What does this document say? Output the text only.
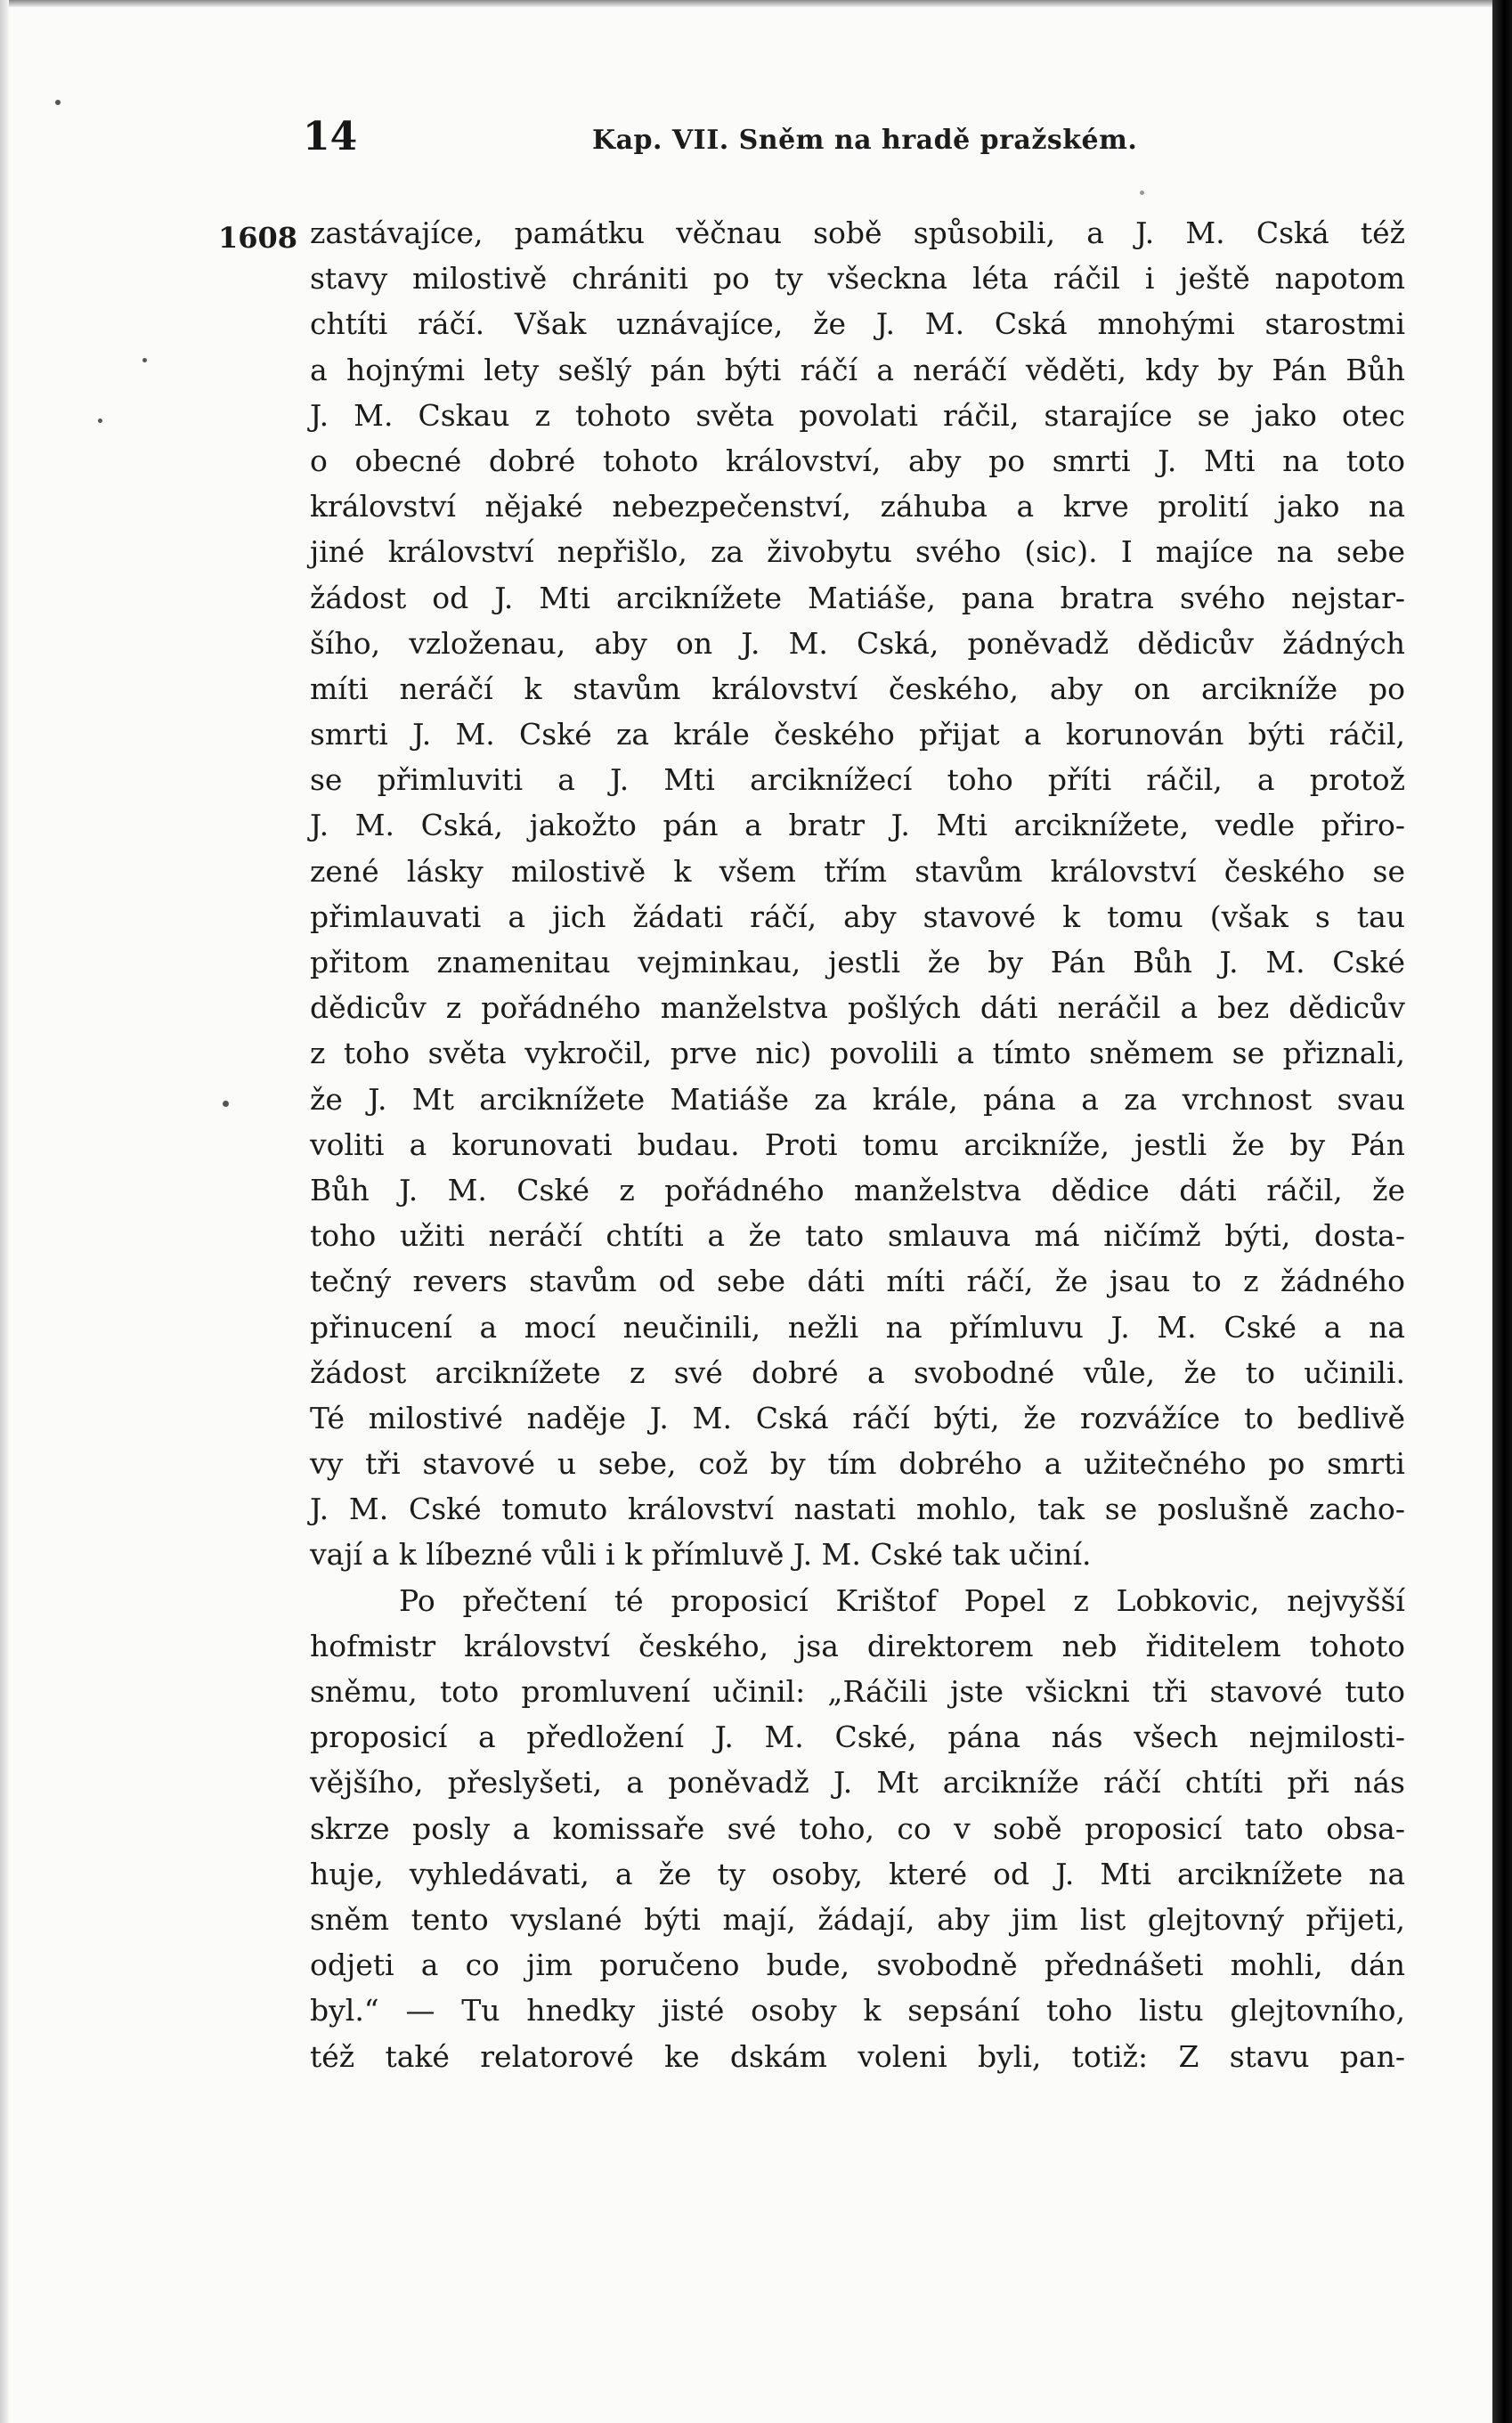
14	Kap. VII. Sněm na hradě pražském.
1608 zastávajíce, památku věčnau sobě spůsobili, a J. M. Cská též
stavy milostivě chrániti po ty všeckna léta ráčil i ještě napotom
chtíti ráčí. Však uznávajíce, že J. M. Cská mnohými starostmi
a hojnými lety sešlý pán býti ráčí a neráčí věděti, kdy by Pán Bůh
J. M. Cskau z tohoto světa povolati ráčil, starajíce se jako otec
o obecné dobré tohoto království, aby po smrti J. Mti na toto
království nějaké nebezpečenství, záhuba a krve prolití jako na
jiné království nepřišlo, za živobytu svého (sic). I majíce na sebe
žádost od J. Mti arciknížete Matiáše, pana bratra svého nejstar-
šího, vzloženau, aby on J. M. Cská, poněvadž dědicův žádných
míti neráčí k stavům království českého, aby on arcikníže po
smrti J. M. Cské za krále českého přijat a korunován býti ráčil,
se přimluviti a J. Mti arciknížecí toho příti ráčil, a protož
J. M. Cská, jakožto pán a bratr J. Mti arciknížete, vedle přiro-
zené lásky milostivě k všem třím stavům království českého se
přimlauvati a jich žádati ráčí, aby stavové k tomu (však s tau
přitom znamenitau vejminkau, jestli že by Pán Bůh J. M. Cské
dědicův z pořádného manželstva pošlých dáti neráčil a bez dědicův
z toho světa vykročil, prve nic) povolili a tímto sněmem se přiznali,
že J. Mt arciknížete Matiáše za krále, pána a za vrchnost svau
voliti a korunovati budau. Proti tomu arcikníže, jestli že by Pán
Bůh J. M. Cské z pořádného manželstva dědice dáti ráčil, že
toho užiti neráčí chtíti a že tato smlauva má ničímž býti, dosta-
tečný revers stavům od sebe dáti míti ráčí, že jsau to z žádného
přinucení a mocí neučinili, nežli na přímluvu J. M. Cské a na
žádost arciknížete z své dobré a svobodné vůle, že to učinili.
Té milostivé naděje J. M. Cská ráčí býti, že rozvážíce to bedlivě
vy tři stavové u sebe, což by tím dobrého a užitečného po smrti
J. M. Cské tomuto království nastati mohlo, tak se poslušně zacho-
vají a k líbezné vůli i k přímluvě J. M. Cské tak učiní.
Po přečtení té proposicí Krištof Popel z Lobkovic, nejvyšší
hofmistr království českého, jsa direktorem neb řiditelem tohoto
sněmu, toto promluvení učinil: „Ráčili jste všickni tři stavové tuto
proposicí a předložení J. M. Cské, pána nás všech nejmilosti-
vějšího, přeslyšeti, a poněvadž J. Mt arcikníže ráčí chtíti při nás
skrze posly a komissaře své toho, co v sobě proposicí tato obsa-
huje, vyhledávati, a že ty osoby, které od J. Mti arciknížete na
sněm tento vyslané býti mají, žádají, aby jim list glejtovný přijeti,
odjeti a co jim poručeno bude, svobodně přednášeti mohli, dán
byl.“ — Tu hnedky jisté osoby k sepsání toho listu glejtovního,
též také relatorové ke dskám voleni byli, totiž: Z stavu pan-
